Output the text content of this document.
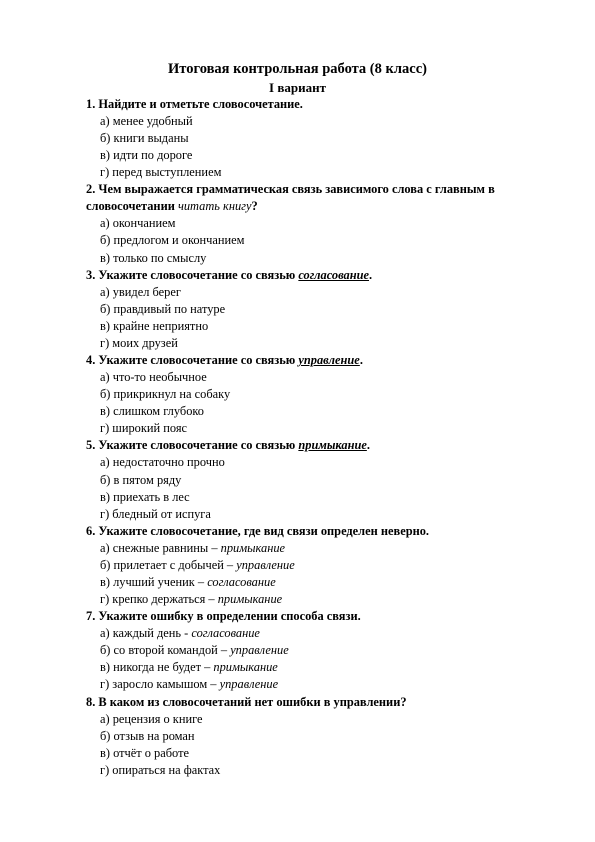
Итоговая контрольная работа (8 класс)
I вариант
1. Найдите и отметьте словосочетание.
а) менее удобный
б) книги выданы
в) идти по дороге
г) перед выступлением
2. Чем выражается грамматическая связь зависимого слова с главным в словосочетании читать книгу?
а) окончанием
б) предлогом и окончанием
в) только по смыслу
3. Укажите словосочетание со связью согласование.
а) увидел берег
б) правдивый по натуре
в) крайне неприятно
г) моих друзей
4. Укажите словосочетание со связью управление.
а) что-то необычное
б) прикрикнул на собаку
в) слишком глубоко
г) широкий пояс
5. Укажите словосочетание со связью примыкание.
а) недостаточно прочно
б) в пятом ряду
в) приехать в лес
г) бледный от испуга
6. Укажите словосочетание, где вид связи определен неверно.
а) снежные равнины – примыкание
б) прилетает с добычей – управление
в) лучший ученик – согласование
г) крепко держаться – примыкание
7. Укажите ошибку в определении способа связи.
а) каждый день - согласование
б) со второй командой – управление
в) никогда не будет – примыкание
г) заросло камышом – управление
8. В каком из словосочетаний нет ошибки в управлении?
а) рецензия о книге
б) отзыв на роман
в) отчёт о работе
г) опираться на фактах
